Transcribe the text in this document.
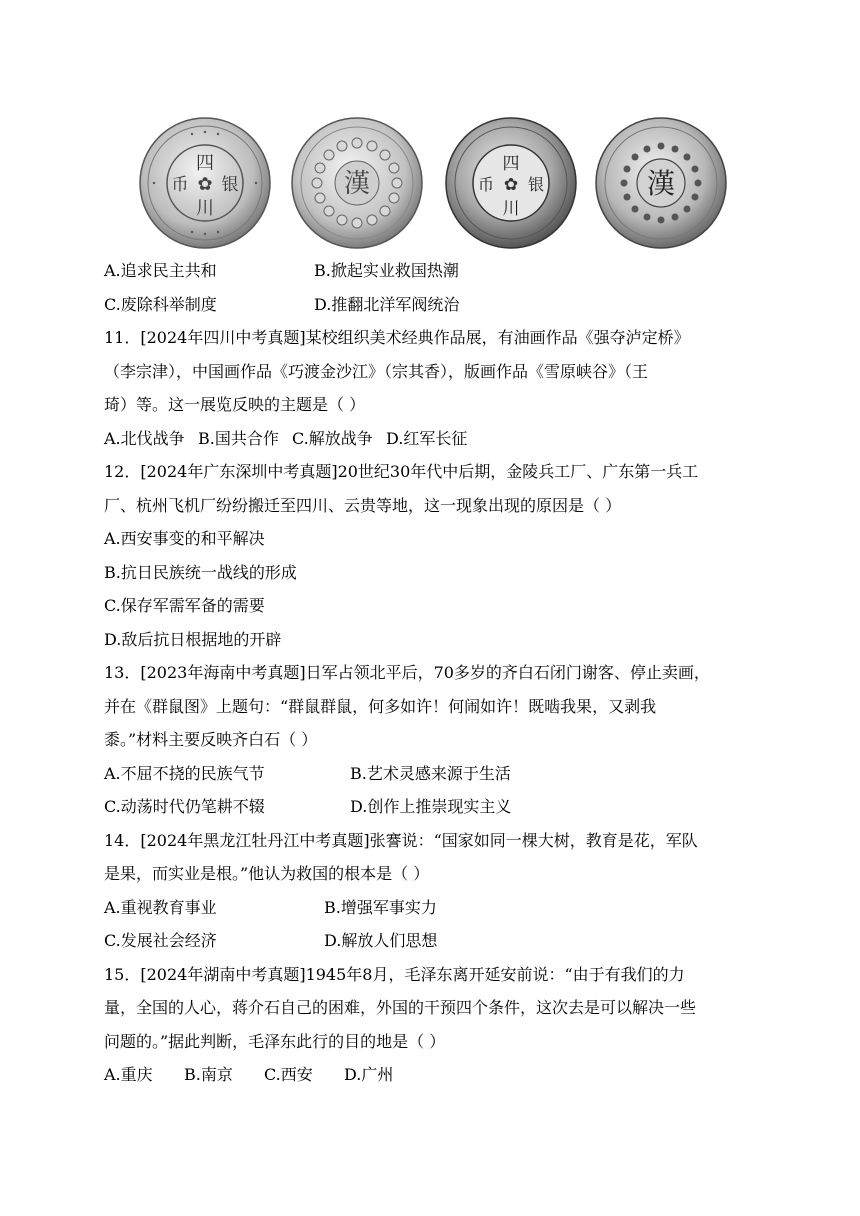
四
银
川
币 ✿	漢
四
银
川
币 ✿	漢
A.追求民主共和	B.掀起实业救国热潮
C.废除科举制度	D.推翻北洋军阀统治
11．[2024年四川中考真题]某校组织美术经典作品展，有油画作品《强夺泸定桥》
（李宗津），中国画作品《巧渡金沙江》（宗其香），版画作品《雪原峡谷》（王
琦）等。这一展览反映的主题是（ ）
A.北伐战争 B.国共合作 C.解放战争 D.红军长征
12．[2024年广东深圳中考真题]20世纪30年代中后期，金陵兵工厂、广东第一兵工
厂、杭州飞机厂纷纷搬迁至四川、云贵等地，这一现象出现的原因是（ ）
A.西安事变的和平解决
B.抗日民族统一战线的形成
C.保存军需军备的需要
D.敌后抗日根据地的开辟
13．[2023年海南中考真题]日军占领北平后，70多岁的齐白石闭门谢客、停止卖画，
并在《群鼠图》上题句：“群鼠群鼠，何多如许！何闹如许！既啮我果，又剥我
黍。”材料主要反映齐白石（ ）
A.不屈不挠的民族气节	B.艺术灵感来源于生活
C.动荡时代仍笔耕不辍	D.创作上推崇现实主义
14．[2024年黑龙江牡丹江中考真题]张謇说：“国家如同一棵大树，教育是花，军队
是果，而实业是根。”他认为救国的根本是（ ）
A.重视教育事业	B.增强军事实力
C.发展社会经济	D.解放人们思想
15．[2024年湖南中考真题]1945年8月，毛泽东离开延安前说：“由于有我们的力
量，全国的人心，蒋介石自己的困难，外国的干预四个条件，这次去是可以解决一些
问题的。”据此判断，毛泽东此行的目的地是（ ）
A.重庆 B.南京 C.西安 D.广州
